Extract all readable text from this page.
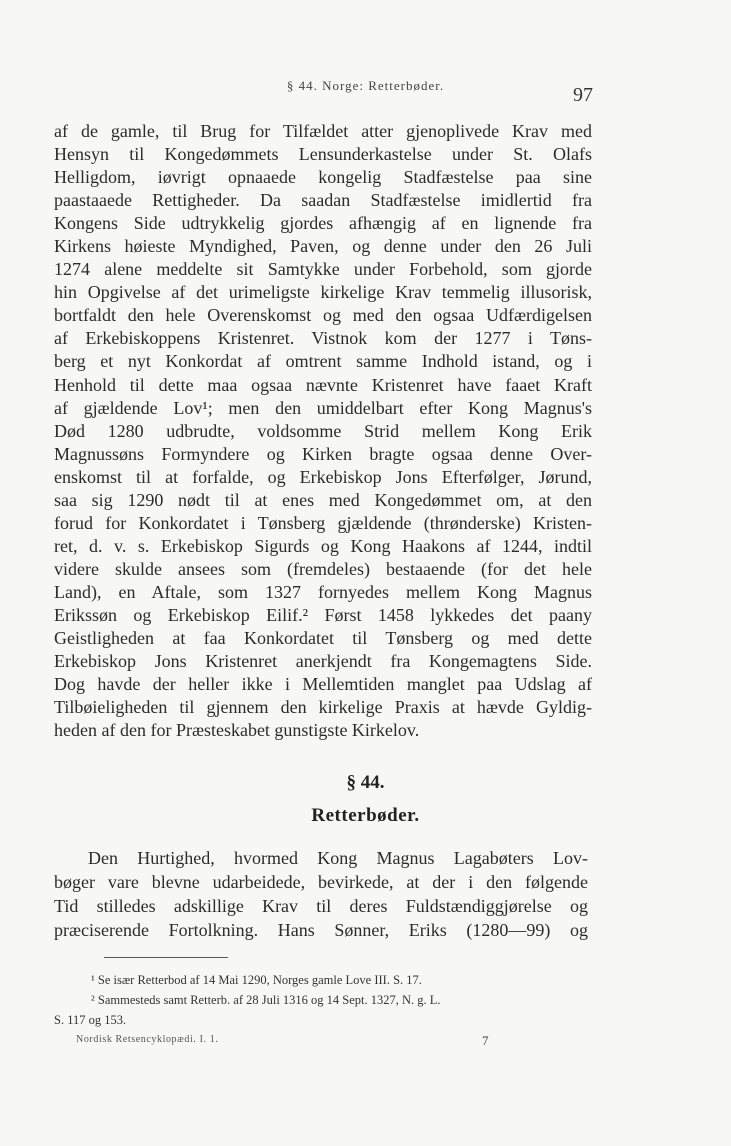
§ 44. Norge: Retterbøder.	97
af de gamle, til Brug for Tilfældet atter gjenoplivede Krav med
Hensyn til Kongedømmets Lensunderkastelse under St. Olafs
Helligdom, iøvrigt opnaaede kongelig Stadfæstelse paa sine
paastaaede Rettigheder. Da saadan Stadfæstelse imidlertid fra
Kongens Side udtrykkelig gjordes afhængig af en lignende fra
Kirkens høieste Myndighed, Paven, og denne under den 26 Juli
1274 alene meddelte sit Samtykke under Forbehold, som gjorde
hin Opgivelse af det urimeligste kirkelige Krav temmelig illusorisk,
bortfaldt den hele Overenskomst og med den ogsaa Udfærdigelsen
af Erkebiskoppens Kristenret. Vistnok kom der 1277 i Tøns-
berg et nyt Konkordat af omtrent samme Indhold istand, og i
Henhold til dette maa ogsaa nævnte Kristenret have faaet Kraft
af gjældende Lov¹; men den umiddelbart efter Kong Magnus's
Død 1280 udbrudte, voldsomme Strid mellem Kong Erik
Magnussøns Formyndere og Kirken bragte ogsaa denne Over-
enskomst til at forfalde, og Erkebiskop Jons Efterfølger, Jørund,
saa sig 1290 nødt til at enes med Kongedømmet om, at den
forud for Konkordatet i Tønsberg gjældende (thrønderske) Kristen-
ret, d. v. s. Erkebiskop Sigurds og Kong Haakons af 1244, indtil
videre skulde ansees som (fremdeles) bestaaende (for det hele
Land), en Aftale, som 1327 fornyedes mellem Kong Magnus
Erikssøn og Erkebiskop Eilif.² Først 1458 lykkedes det paany
Geistligheden at faa Konkordatet til Tønsberg og med dette
Erkebiskop Jons Kristenret anerkjendt fra Kongemagtens Side.
Dog havde der heller ikke i Mellemtiden manglet paa Udslag af
Tilbøieligheden til gjennem den kirkelige Praxis at hævde Gyldig-
heden af den for Præsteskabet gunstigste Kirkelov.
§ 44.
Retterbøder.
Den Hurtighed, hvormed Kong Magnus Lagabøters Lov-
bøger vare blevne udarbeidede, bevirkede, at der i den følgende
Tid stilledes adskillige Krav til deres Fuldstændiggjørelse og
præciserende Fortolkning. Hans Sønner, Eriks (1280—99) og
¹ Se især Retterbod af 14 Mai 1290, Norges gamle Love III. S. 17.
² Sammesteds samt Retterb. af 28 Juli 1316 og 14 Sept. 1327, N. g. L.
S. 117 og 153.
Nordisk Retsencyklopædi. I. 1.	7
